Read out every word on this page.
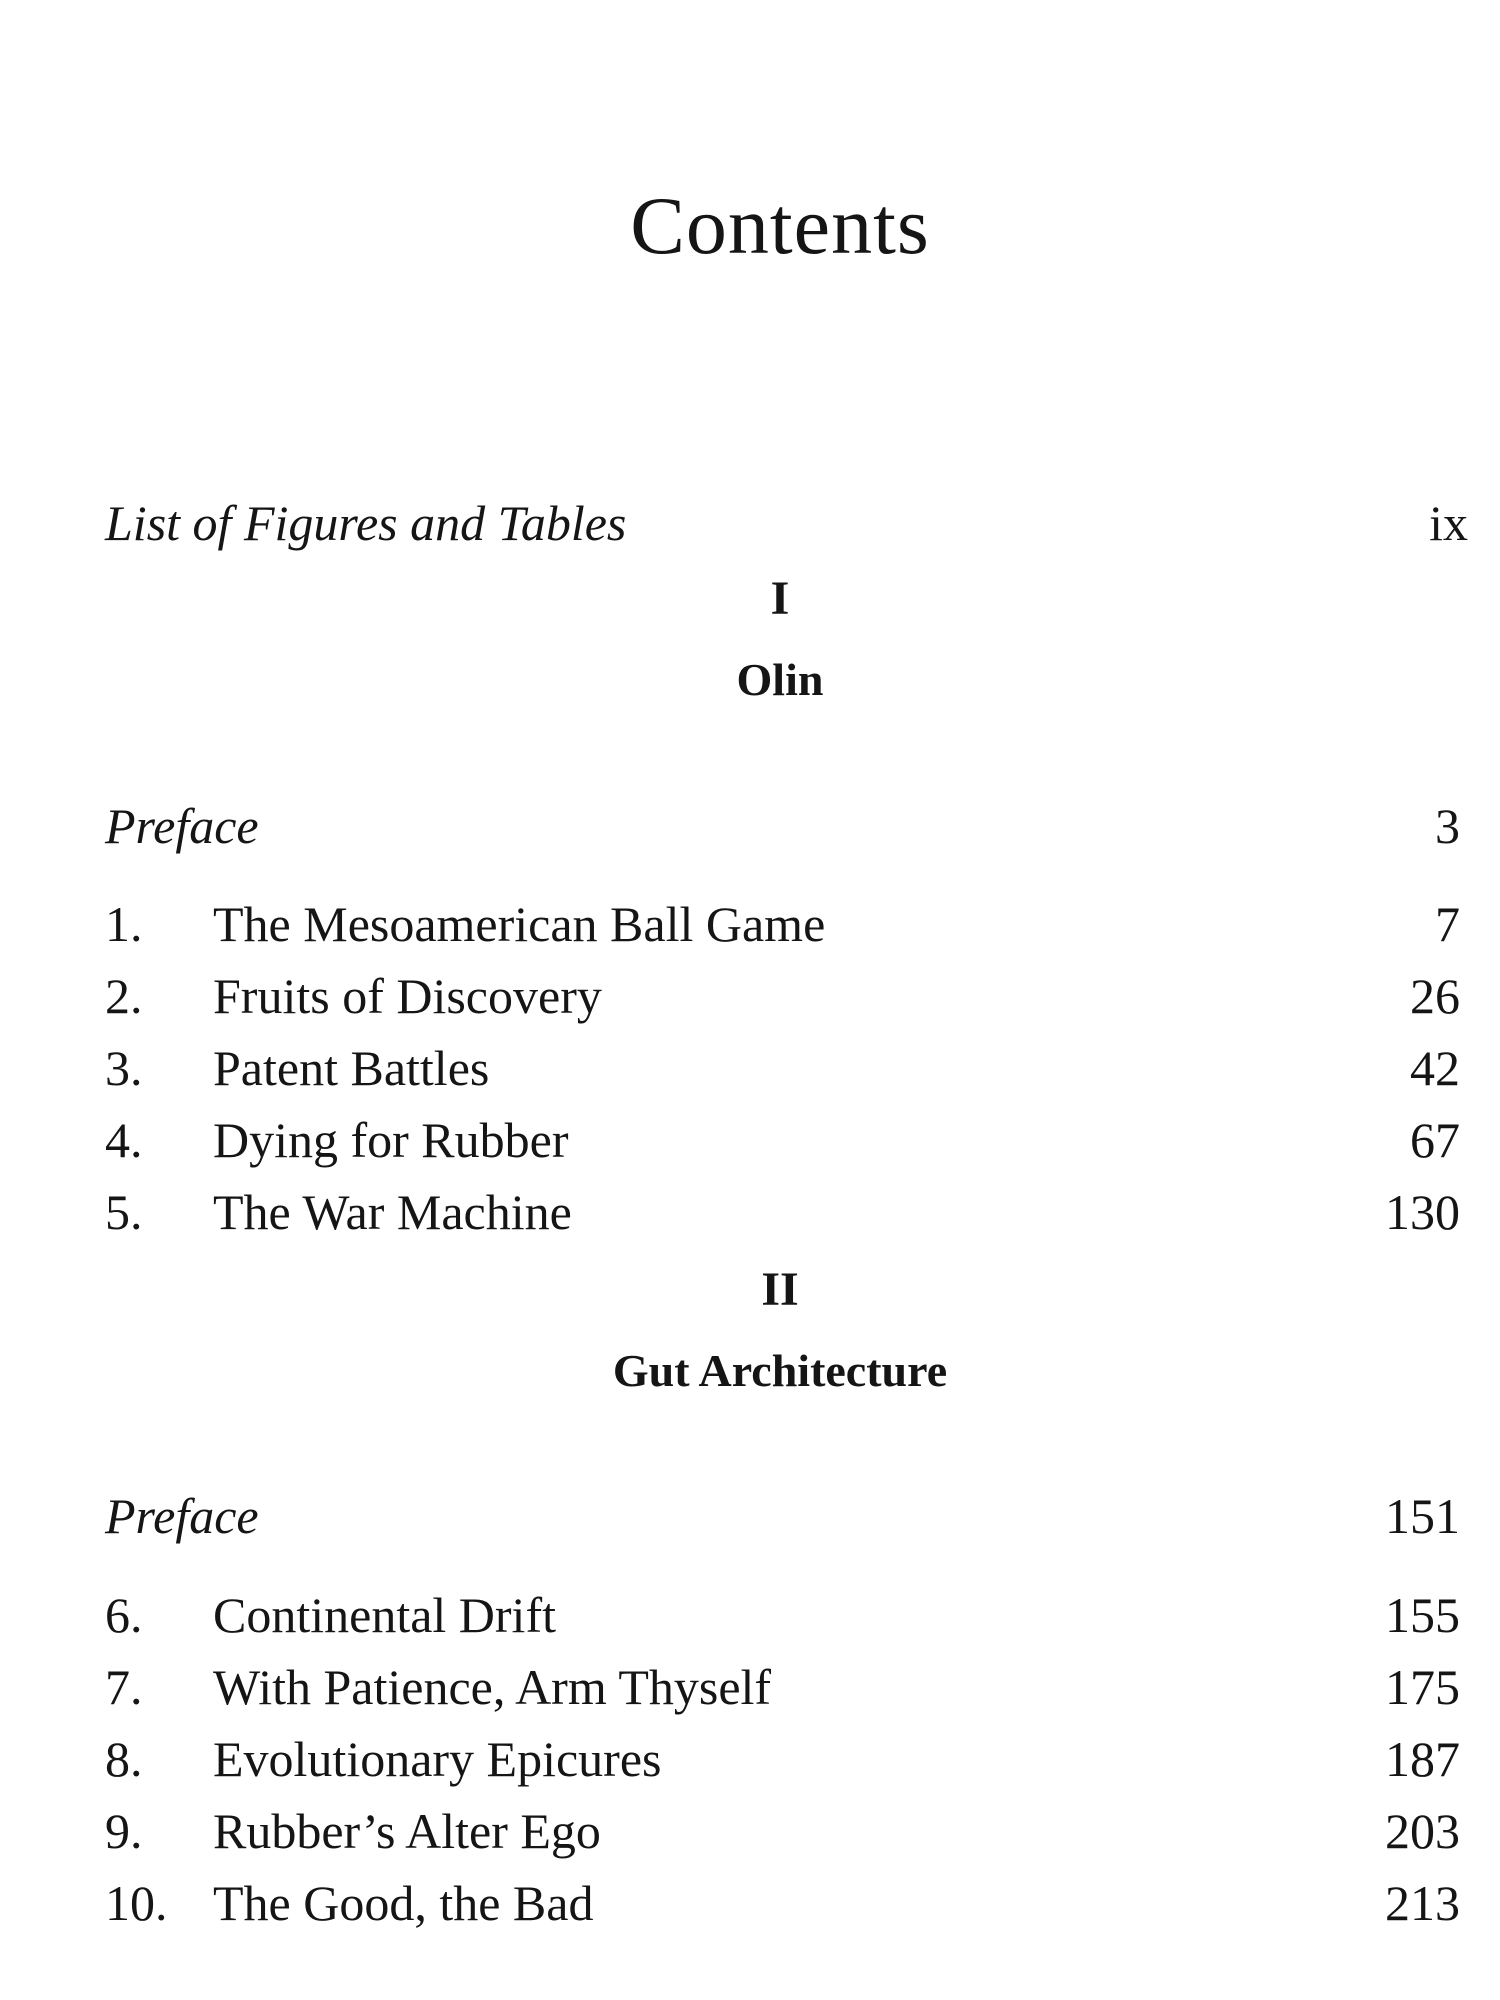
Contents
List of Figures and Tables	ix
I
Olin
Preface	3
1. The Mesoamerican Ball Game	7
2. Fruits of Discovery	26
3. Patent Battles	42
4. Dying for Rubber	67
5. The War Machine	130
II
Gut Architecture
Preface	151
6. Continental Drift	155
7. With Patience, Arm Thyself	175
8. Evolutionary Epicures	187
9. Rubber’s Alter Ego	203
10. The Good, the Bad	213
